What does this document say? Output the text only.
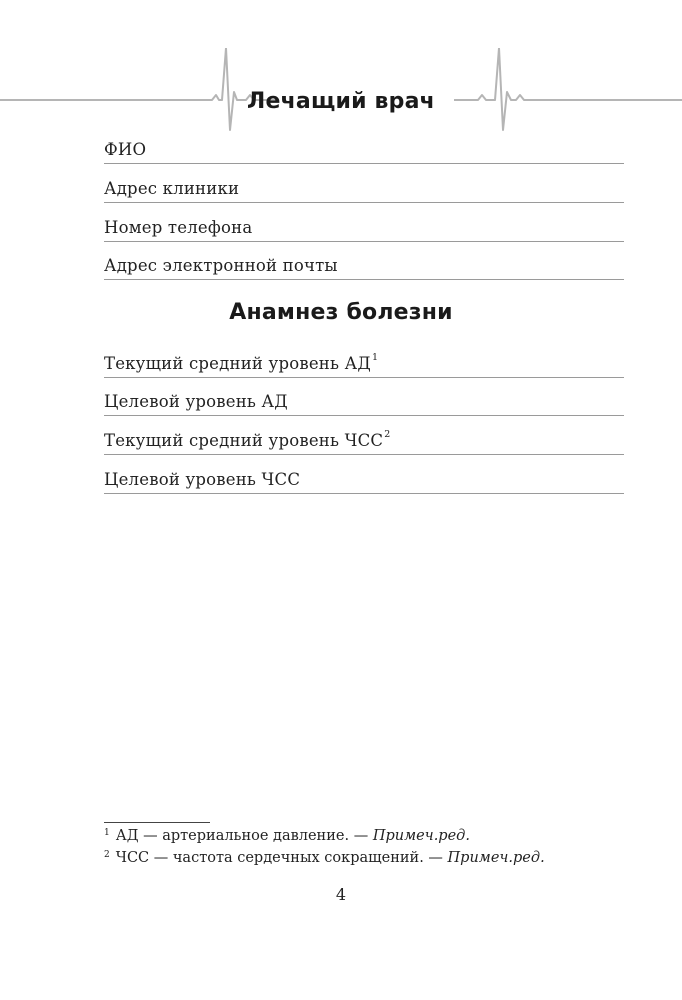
Лечащий врач
ФИО
Адрес клиники
Номер телефона
Адрес электронной почты
Анамнез болезни
Текущий средний уровень $АД^1$
Целевой уровень АД
Текущий средний уровень ЧСС$^2$
Целевой уровень ЧСС
$^1$ АД — артериальное давление. — Примеч.ред.
$^2$ ЧСС — частота сердечных сокращений. — Примеч.ред.
4
